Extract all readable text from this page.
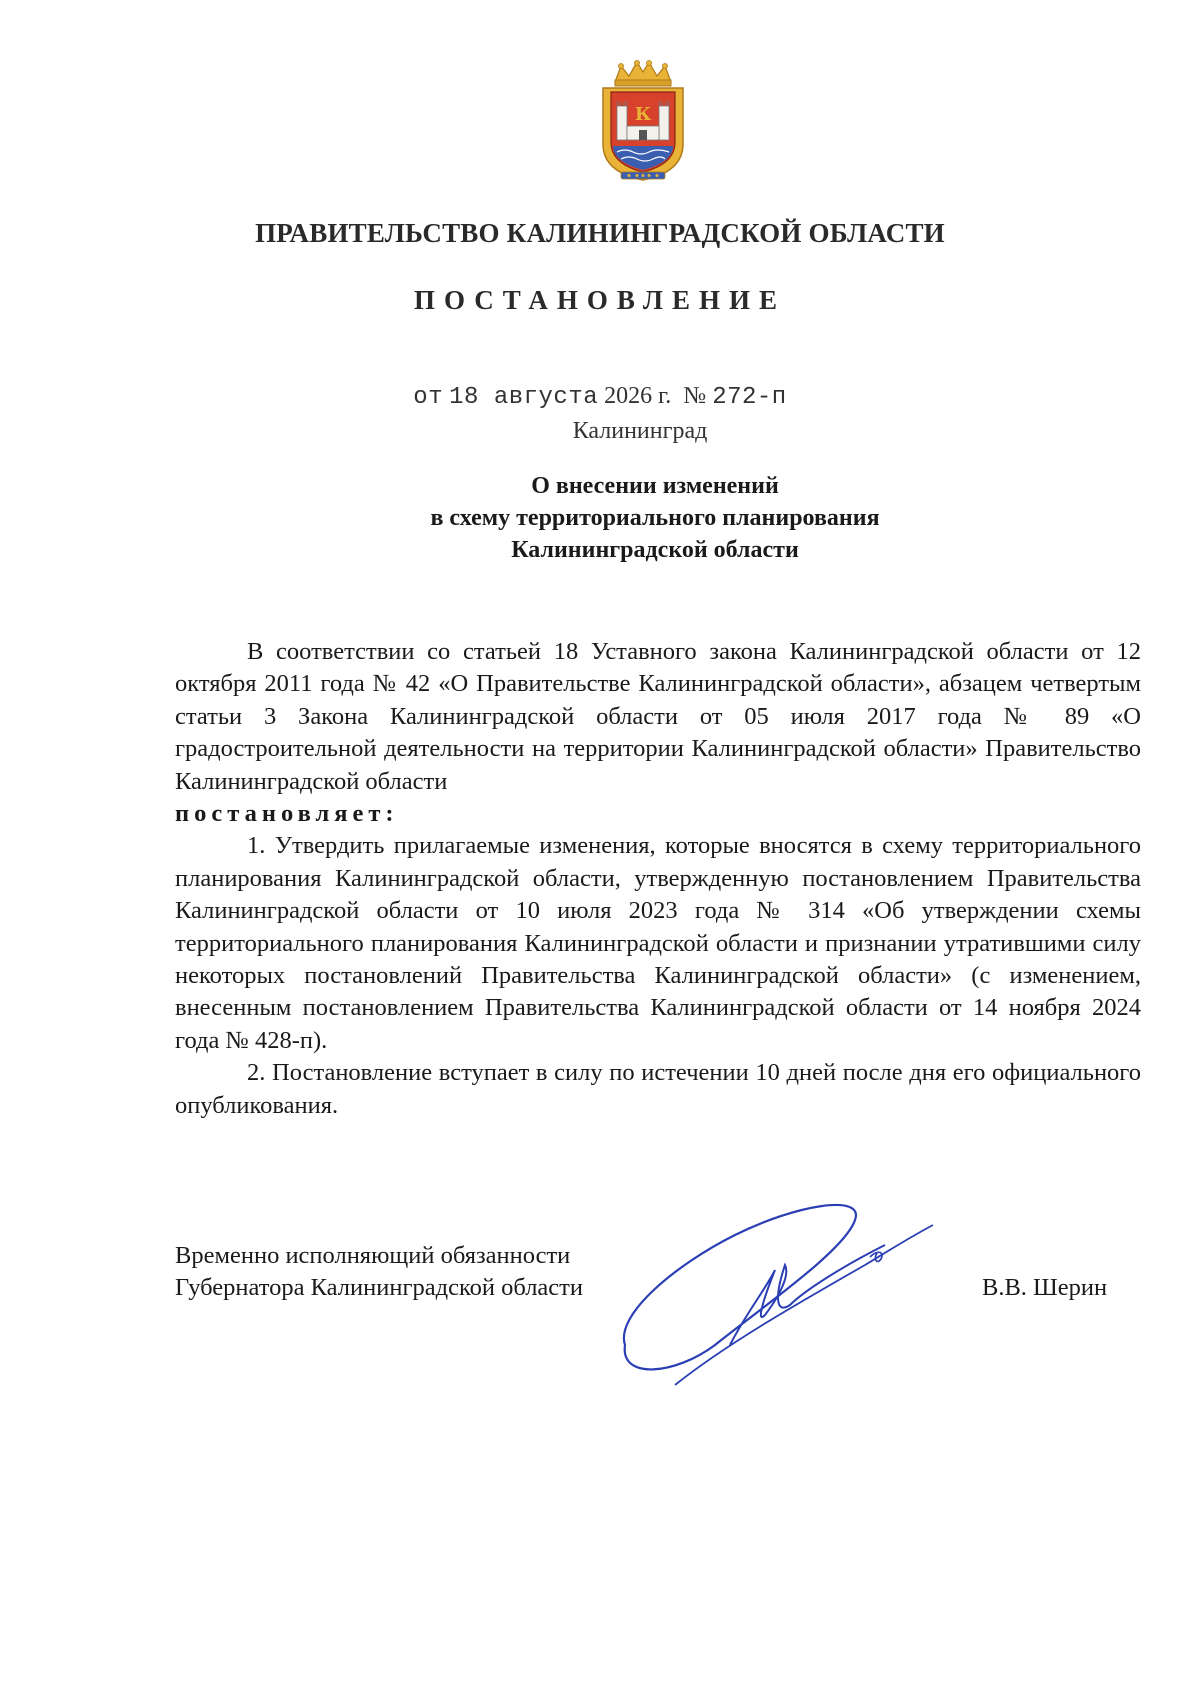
К
ПРАВИТЕЛЬСТВО КАЛИНИНГРАДСКОЙ ОБЛАСТИ
ПОСТАНОВЛЕНИЕ
от 18 августа 2026 г. № 272-п
Калининград
О внесении изменений
в схему территориального планирования
Калининградской области

В соответствии со статьей 18 Уставного закона Калининградской области от 12 октября 2011 года № 42 «О Правительстве Калининградской области», абзацем четвертым статьи 3 Закона Калининградской области от 05 июля 2017 года № 89 «О градостроительной деятельности на территории Калининградской области» Правительство Калининградской области

постановляет:

1. Утвердить прилагаемые изменения, которые вносятся в схему территориального планирования Калининградской области, утвержденную постановлением Правительства Калининградской области от 10 июля 2023 года № 314 «Об утверждении схемы территориального планирования Калининградской области и признании утратившими силу некоторых постановлений Правительства Калининградской области» (с изменением, внесенным постановлением Правительства Калининградской области от 14 ноября 2024 года № 428-п).

2. Постановление вступает в силу по истечении 10 дней после дня его официального опубликования.

Временно исполняющий обязанности
Губернатора Калининградской области	В.В. Шерин
